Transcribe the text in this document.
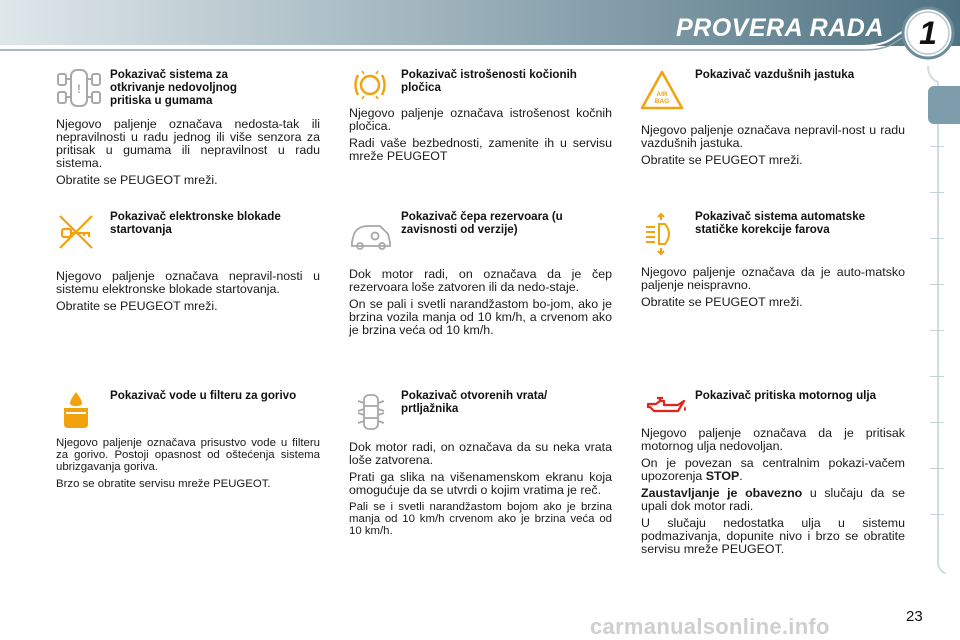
PROVERA RADA	1
!
Pokazivač sistema za otkrivanje nedovoljnog pritiska u gumama

Njegovo paljenje označava nedosta-tak ili nepravilnosti u radu jednog ili više senzora za pritisak u gumama ili nepravilnost u radu sistema.

Obratite se PEUGEOT mreži.

Pokazivač istrošenosti kočionih pločica

Njegovo paljenje označava istrošenost kočnih pločica.

Radi vaše bezbednosti, zamenite ih u servisu mreže PEUGEOT

AIR
BAG
Pokazivač vazdušnih jastuka

Njegovo paljenje označava nepravil-nost u radu vazdušnih jastuka.

Obratite se PEUGEOT mreži.

Pokazivač elektronske blokade startovanja

Njegovo paljenje označava nepravil-nosti u sistemu elektronske blokade startovanja.

Obratite se PEUGEOT mreži.

Pokazivač čepa rezervoara (u zavisnosti od verzije)

Dok motor radi, on označava da je čep rezervoara loše zatvoren ili da nedo-staje.

On se pali i svetli narandžastom bo-jom, ako je brzina vozila manja od 10 km/h, a crvenom ako je brzina veća od 10 km/h.

Pokazivač sistema automatske statičke korekcije farova

Njegovo paljenje označava da je auto-matsko paljenje neispravno.

Obratite se PEUGEOT mreži.

Pokazivač vode u filteru za gorivo

Njegovo paljenje označava prisustvo vode u filteru za gorivo. Postoji opasnost od oštećenja sistema ubrizgavanja goriva.

Brzo se obratite servisu mreže PEUGEOT.

Pokazivač otvorenih vrata/ prtljažnika

Dok motor radi, on označava da su neka vrata loše zatvorena.

Prati ga slika na višenamenskom ekranu koja omogućuje da se utvrdi o kojim vratima je reč.

Pali se i svetli narandžastom bojom ako je brzina manja od 10 km/h crvenom ako je brzina veća od 10 km/h.

Pokazivač pritiska motornog ulja

Njegovo paljenje označava da je pritisak motornog ulja nedovoljan.

On je povezan sa centralnim pokazi-vačem upozorenja STOP.

Zaustavljanje je obavezno u slučaju da se upali dok motor radi.

U slučaju nedostatka ulja u sistemu podmazivanja, dopunite nivo i brzo se obratite servisu mreže PEUGEOT.

carmanualsonline.info	23
